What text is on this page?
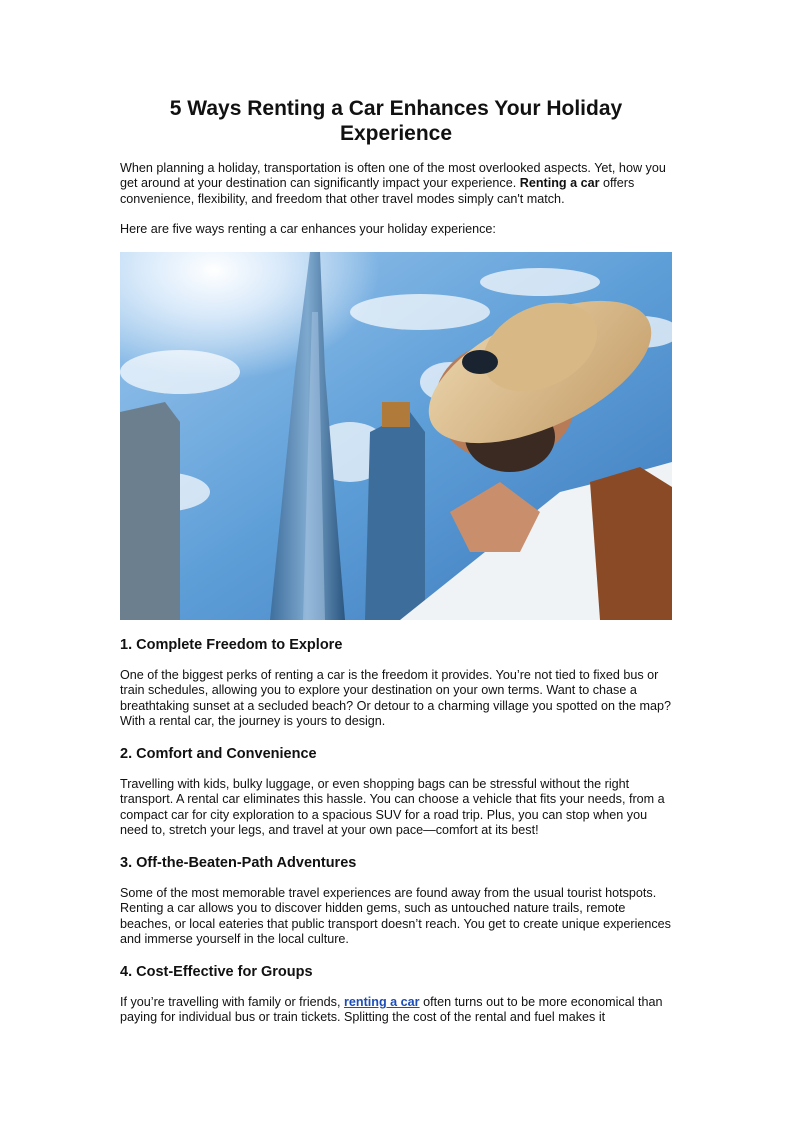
5 Ways Renting a Car Enhances Your Holiday Experience

When planning a holiday, transportation is often one of the most overlooked aspects. Yet, how you get around at your destination can significantly impact your experience. Renting a car offers convenience, flexibility, and freedom that other travel modes simply can't match.

Here are five ways renting a car enhances your holiday experience:

1. Complete Freedom to Explore

One of the biggest perks of renting a car is the freedom it provides. You’re not tied to fixed bus or train schedules, allowing you to explore your destination on your own terms. Want to chase a breathtaking sunset at a secluded beach? Or detour to a charming village you spotted on the map? With a rental car, the journey is yours to design.

2. Comfort and Convenience

Travelling with kids, bulky luggage, or even shopping bags can be stressful without the right transport. A rental car eliminates this hassle. You can choose a vehicle that fits your needs, from a compact car for city exploration to a spacious SUV for a road trip. Plus, you can stop when you need to, stretch your legs, and travel at your own pace—comfort at its best!

3. Off-the-Beaten-Path Adventures

Some of the most memorable travel experiences are found away from the usual tourist hotspots. Renting a car allows you to discover hidden gems, such as untouched nature trails, remote beaches, or local eateries that public transport doesn’t reach. You get to create unique experiences and immerse yourself in the local culture.

4. Cost-Effective for Groups

If you’re travelling with family or friends, renting a car often turns out to be more economical than paying for individual bus or train tickets. Splitting the cost of the rental and fuel makes it
